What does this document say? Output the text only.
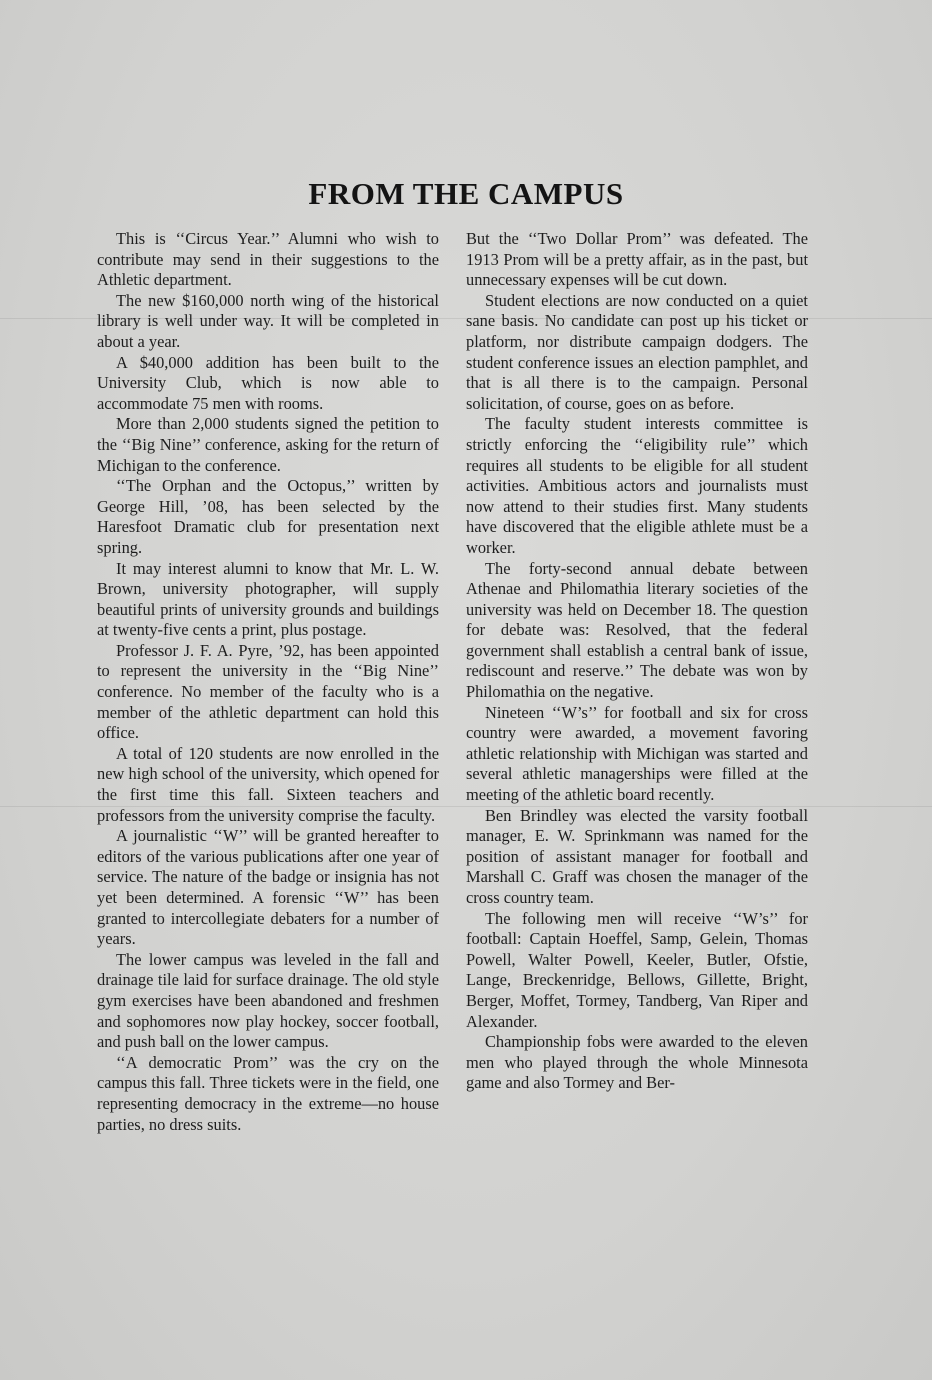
FROM THE CAMPUS

This is ‘‘Circus Year.’’ Alumni who wish to contribute may send in their suggestions to the Athletic department.

The new $160,000 north wing of the historical library is well under way. It will be completed in about a year.

A $40,000 addition has been built to the University Club, which is now able to accommodate 75 men with rooms.

More than 2,000 students signed the petition to the ‘‘Big Nine’’ conference, asking for the return of Michigan to the conference.

‘‘The Orphan and the Octopus,’’ written by George Hill, ’08, has been selected by the Haresfoot Dramatic club for presentation next spring.

It may interest alumni to know that Mr. L. W. Brown, university photographer, will supply beautiful prints of university grounds and buildings at twenty-five cents a print, plus postage.

Professor J. F. A. Pyre, ’92, has been appointed to represent the university in the ‘‘Big Nine’’ conference. No member of the faculty who is a member of the athletic department can hold this office.

A total of 120 students are now enrolled in the new high school of the university, which opened for the first time this fall. Sixteen teachers and professors from the university comprise the faculty.

A journalistic ‘‘W’’ will be granted hereafter to editors of the various publications after one year of service. The nature of the badge or insignia has not yet been determined. A forensic ‘‘W’’ has been granted to intercollegiate debaters for a number of years.

The lower campus was leveled in the fall and drainage tile laid for surface drainage. The old style gym exercises have been abandoned and freshmen and sophomores now play hockey, soccer football, and push ball on the lower campus.

‘‘A democratic Prom’’ was the cry on the campus this fall. Three tickets were in the field, one representing democracy in the extreme—no house parties, no dress suits.

But the ‘‘Two Dollar Prom’’ was defeated. The 1913 Prom will be a pretty affair, as in the past, but unnecessary expenses will be cut down.

Student elections are now conducted on a quiet sane basis. No candidate can post up his ticket or platform, nor distribute campaign dodgers. The student conference issues an election pamphlet, and that is all there is to the campaign. Personal solicitation, of course, goes on as before.

The faculty student interests committee is strictly enforcing the ‘‘eligibility rule’’ which requires all students to be eligible for all student activities. Ambitious actors and journalists must now attend to their studies first. Many students have discovered that the eligible athlete must be a worker.

The forty-second annual debate between Athenae and Philomathia literary societies of the university was held on December 18. The question for debate was: Resolved, that the federal government shall establish a central bank of issue, rediscount and reserve.’’ The debate was won by Philomathia on the negative.

Nineteen ‘‘W’s’’ for football and six for cross country were awarded, a movement favoring athletic relationship with Michigan was started and several athletic managerships were filled at the meeting of the athletic board recently.

Ben Brindley was elected the varsity football manager, E. W. Sprinkmann was named for the position of assistant manager for football and Marshall C. Graff was chosen the manager of the cross country team.

The following men will receive ‘‘W’s’’ for football: Captain Hoeffel, Samp, Gelein, Thomas Powell, Walter Powell, Keeler, Butler, Ofstie, Lange, Breckenridge, Bellows, Gillette, Bright, Berger, Moffet, Tormey, Tandberg, Van Riper and Alexander.

Championship fobs were awarded to the eleven men who played through the whole Minnesota game and also Tormey and Ber-
